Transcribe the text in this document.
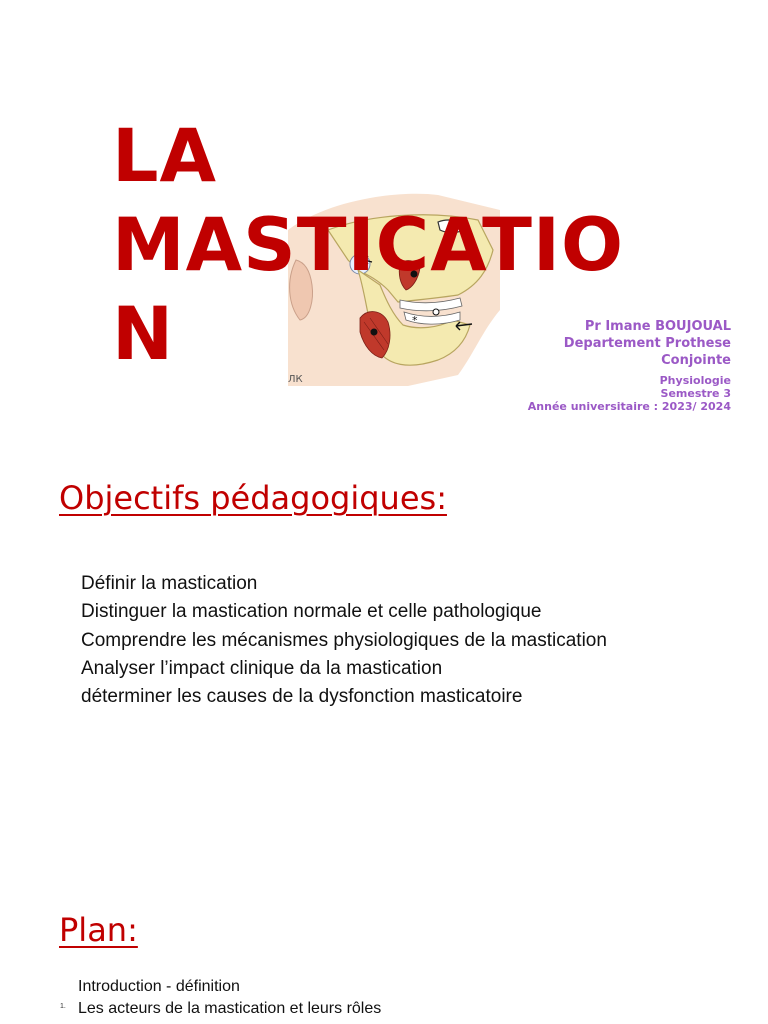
LA
MASTICATIO
N	*
ЛК
Pr Imane BOUJOUAL
Departement Prothese
Conjointe
Physiologie
Semestre 3
Année universitaire : 2023/ 2024
Objectifs pédagogiques:
Définir la mastication
Distinguer la mastication normale et celle pathologique
Comprendre les mécanismes physiologiques de la mastication
Analyser l’impact clinique da la mastication
déterminer les causes de la dysfonction masticatoire
Plan:
Introduction - définition
1. Les acteurs de la mastication et leurs rôles
